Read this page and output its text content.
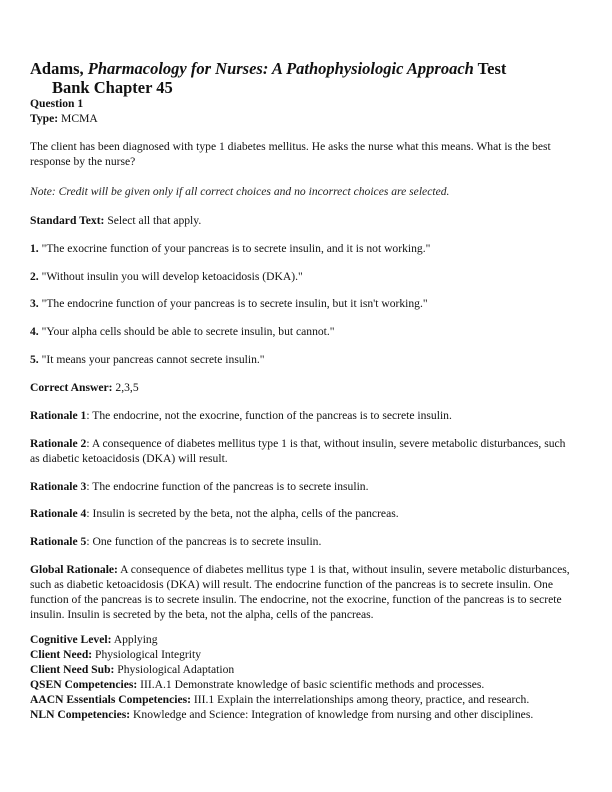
Adams, Pharmacology for Nurses: A Pathophysiologic Approach Test
Bank Chapter 45
Question 1
Type: MCMA
The client has been diagnosed with type 1 diabetes mellitus. He asks the nurse what this means. What is the best response by the nurse?
Note: Credit will be given only if all correct choices and no incorrect choices are selected.
Standard Text: Select all that apply.
1. "The exocrine function of your pancreas is to secrete insulin, and it is not working."
2. "Without insulin you will develop ketoacidosis (DKA)."
3. "The endocrine function of your pancreas is to secrete insulin, but it isn't working."
4. "Your alpha cells should be able to secrete insulin, but cannot."
5. "It means your pancreas cannot secrete insulin."
Correct Answer: 2,3,5
Rationale 1: The endocrine, not the exocrine, function of the pancreas is to secrete insulin.
Rationale 2: A consequence of diabetes mellitus type 1 is that, without insulin, severe metabolic disturbances, such as diabetic ketoacidosis (DKA) will result.
Rationale 3: The endocrine function of the pancreas is to secrete insulin.
Rationale 4: Insulin is secreted by the beta, not the alpha, cells of the pancreas.
Rationale 5: One function of the pancreas is to secrete insulin.
Global Rationale: A consequence of diabetes mellitus type 1 is that, without insulin, severe metabolic disturbances, such as diabetic ketoacidosis (DKA) will result. The endocrine function of the pancreas is to secrete insulin. One function of the pancreas is to secrete insulin. The endocrine, not the exocrine, function of the pancreas is to secrete insulin. Insulin is secreted by the beta, not the alpha, cells of the pancreas.
Cognitive Level: Applying
Client Need: Physiological Integrity
Client Need Sub: Physiological Adaptation
QSEN Competencies: III.A.1 Demonstrate knowledge of basic scientific methods and processes.
AACN Essentials Competencies: III.1 Explain the interrelationships among theory, practice, and research.
NLN Competencies: Knowledge and Science: Integration of knowledge from nursing and other disciplines.
